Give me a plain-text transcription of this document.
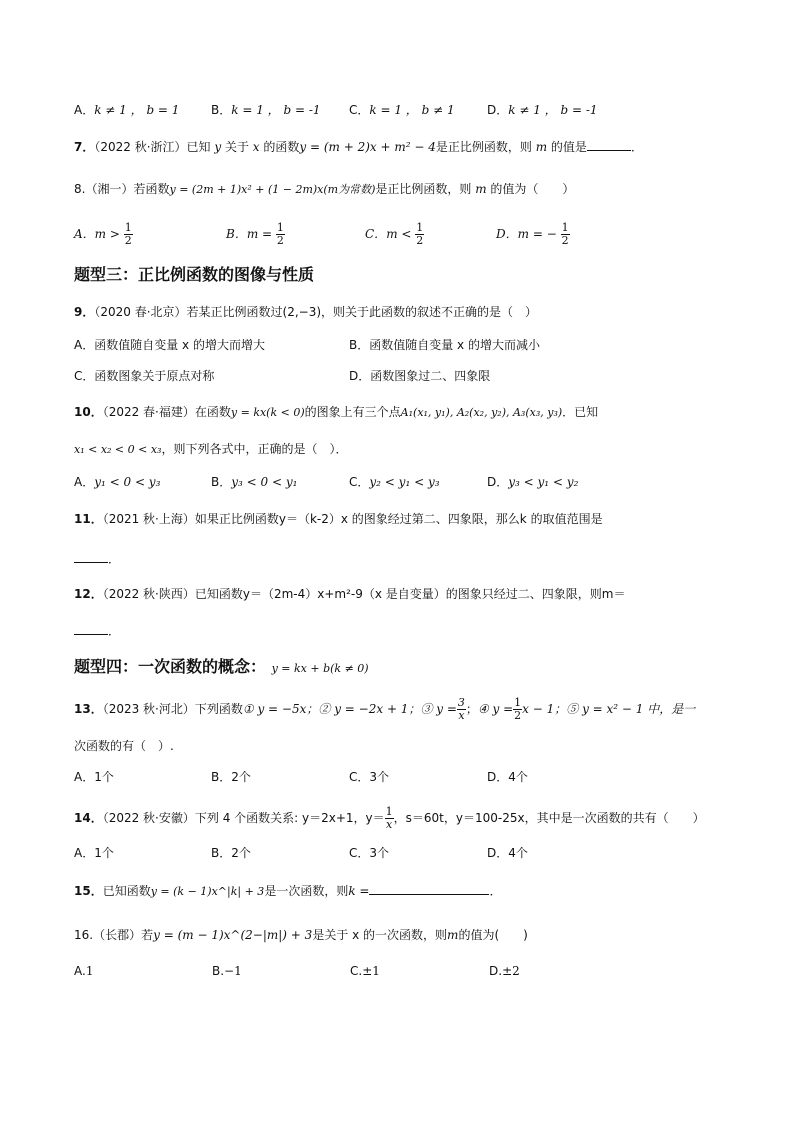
A．k ≠ 1 ， b = 1	B．k = 1 ， b = -1 C．k = 1 ， b ≠ 1	D．k ≠ 1 ， b = -1
7．（2022 秋·浙江）已知 y 关于 x 的函数y = (m + 2)x + m² − 4是正比例函数，则 m 的值是	．
8.（湘一）若函数y = (2m + 1)x² + (1 − 2m)x(m为常数)是正比例函数，则 m 的值为（　　）
A．$m > \frac{1}{2}$	B．$m = \frac{1}{2}$	C．$m < \frac{1}{2}$	D．m = − $\frac{1}{2}$
题型三：正比例函数的图像与性质
9．（2020 春·北京）若某正比例函数过(2,−3)，则关于此函数的叙述不正确的是（　）
A．函数值随自变量 x 的增大而增大	B．函数值随自变量 x 的增大而减小
C．函数图象关于原点对称	D．函数图象过二、四象限
10．（2022 春·福建）在函数y = kx(k < 0)的图象上有三个点A₁(x₁, y₁), A₂(x₂, y₂), A₃(x₃, y₃)．已知
x₁ < x₂ < 0 < x₃，则下列各式中，正确的是（　）．
A．y₁ < 0 < y₃	B．y₃ < 0 < y₁	C．y₂ < y₁ < y₃	D．y₃ < y₁ < y₂
11．（2021 秋·上海）如果正比例函数y＝（k-2）x 的图象经过第二、四象限，那么k 的取值范围是
．
12．（2022 秋·陕西）已知函数y＝（2m-4）x+m²-9（x 是自变量）的图象只经过二、四象限，则m＝
．
题型四：一次函数的概念： y = kx + b(k ≠ 0)
13．（2023 秋·河北）下列函数① y = −5x；② y = −2x + 1；③ $y = \frac{3}{x}$ ；④ $y = \frac{1}{2}$ x − 1；⑤ y = x² − 1 中，是一
次函数的有（　）.
A．1个	B．2个	C．3个	D．4个
14．（2022 秋·安徽）下列 4 个函数关系: y＝2x+1，$y= \frac{1}{x}$ ，s＝60t，y＝100-25x，其中是一次函数的共有（　　）
A．1个	B．2个	C．3个	D．4个
15．已知函数y = (k − 1)x^|k| + 3是一次函数，则k =	．
16.（长郡）若y = (m − 1)x^(2−|m|) + 3是关于 x 的一次函数，则m的值为(　　)
A.1	B.−1	C.±1	D.±2
